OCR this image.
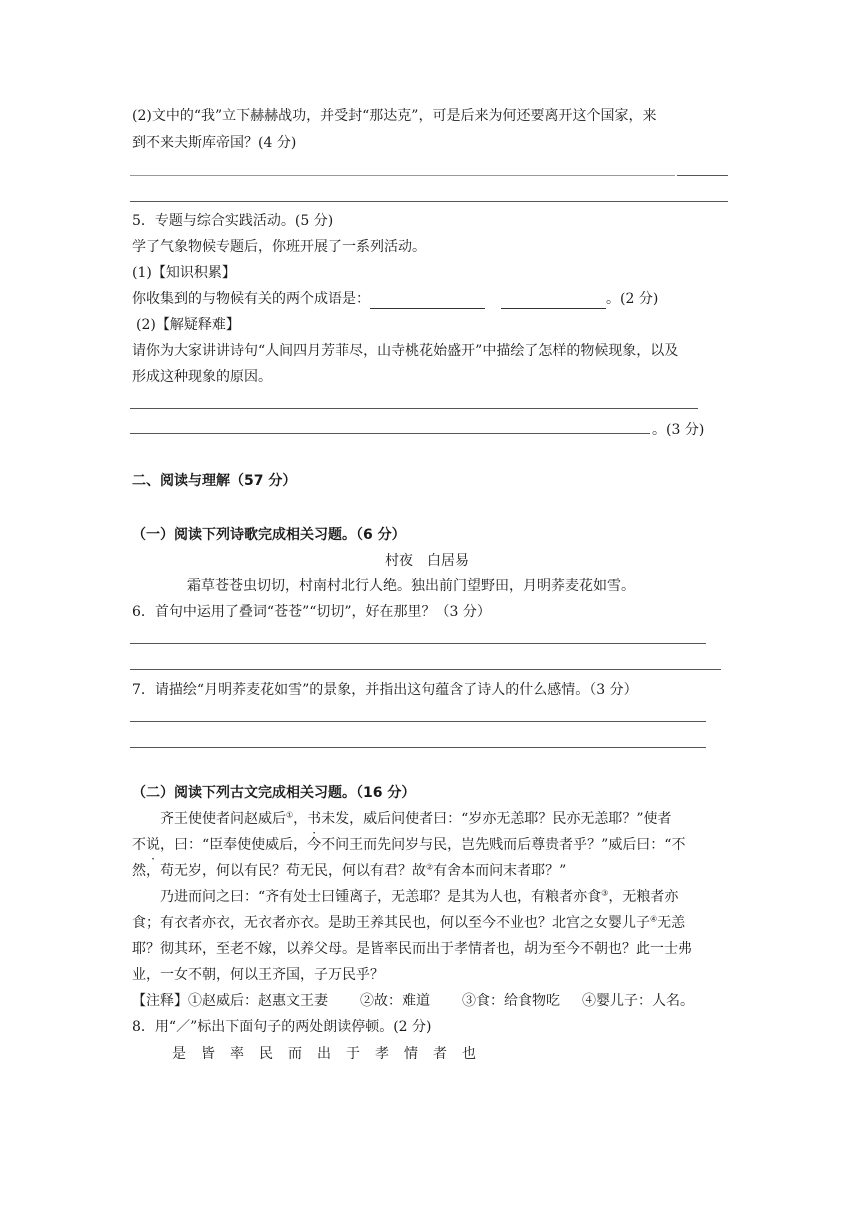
(2)文中的“我”立下赫赫战功，并受封“那达克”，可是后来为何还要离开这个国家，来
到不来夫斯库帝国？(4 分)
5．专题与综合实践活动。(5 分)
学了气象物候专题后，你班开展了一系列活动。
(1)【知识积累】
你收集到的与物候有关的两个成语是：	。(2 分)
(2)【解疑释难】
请你为大家讲讲诗句“人间四月芳菲尽，山寺桃花始盛开”中描绘了怎样的物候现象，以及
形成这种现象的原因。
。(3 分)
二、阅读与理解（57 分）
（一）阅读下列诗歌完成相关习题。（6 分）
村夜　白居易
霜草苍苍虫切切，村南村北行人绝。独出前门望野田，月明荞麦花如雪。
6．首句中运用了叠词“苍苍”“切切”，好在那里？（3 分）
7．请描绘“月明荞麦花如雪”的景象，并指出这句蕴含了诗人的什么感情。（3 分）
（二）阅读下列古文完成相关习题。（16 分）
齐王使使者问赵威后①，书未发，威后问使者曰：“岁亦无恙耶？民亦无恙耶？”使者
不说，曰：“臣奉使使威后，今不问王而先问岁与民，岂先贱而后尊贵者乎？”威后曰：“不
然，苟无岁，何以有民？苟无民，何以有君？故②有舍本而问末者耶？”
乃进而问之曰：“齐有处士曰锺离子，无恙耶？是其为人也，有粮者亦食③，无粮者亦
食；有衣者亦衣，无衣者亦衣。是助王养其民也，何以至今不业也？北宫之女婴儿子④无恙
耶？彻其环，至老不嫁，以养父母。是皆率民而出于孝情者也，胡为至今不朝也？此一士弗
业，一女不朝，何以王齐国，子万民乎？
【注释】①赵威后：赵惠文王妻 ②故：难道 ③食：给食物吃 ④婴儿子：人名。
8．用“／”标出下面句子的两处朗读停顿。(2 分)
是 皆 率 民 而 出 于 孝 情 者 也
